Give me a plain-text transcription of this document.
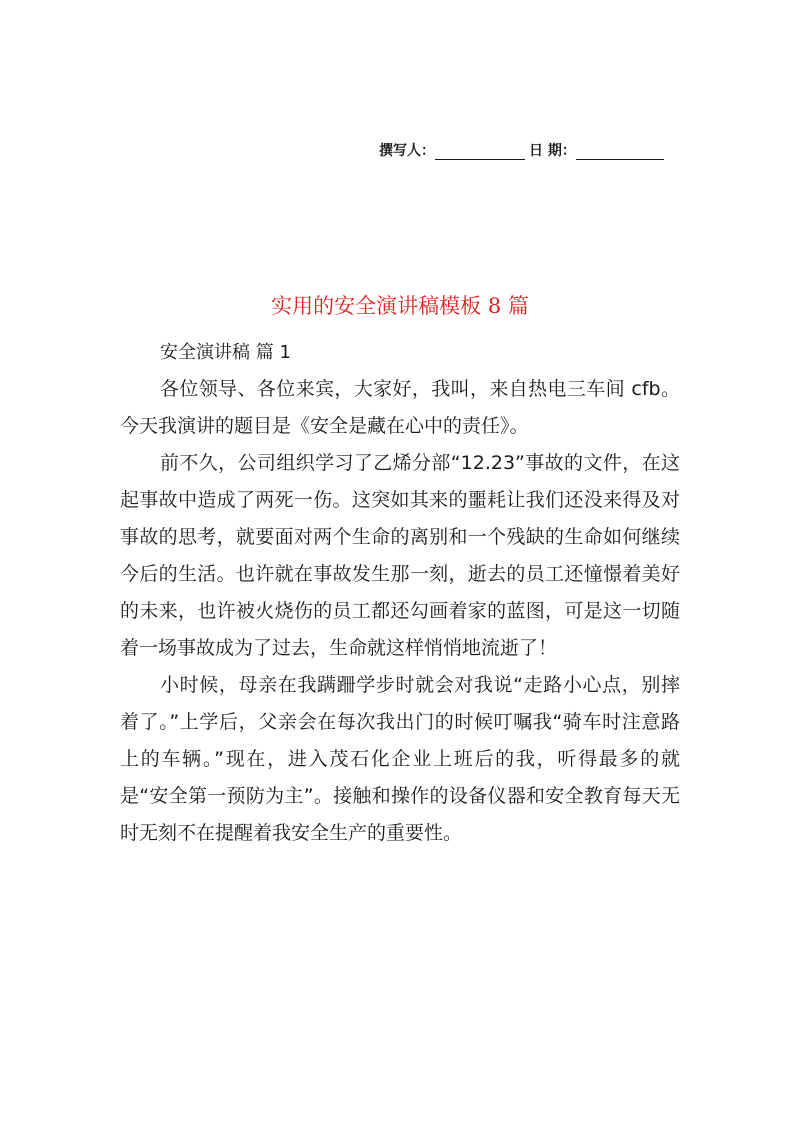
撰写人：	日 期：
实用的安全演讲稿模板 8 篇

安全演讲稿 篇 1

各位领导、各位来宾，大家好，我叫，来自热电三车间 cfb。今天我演讲的题目是《安全是藏在心中的责任》。

前不久，公司组织学习了乙烯分部“12.23”事故的文件，在这起事故中造成了两死一伤。这突如其来的噩耗让我们还没来得及对事故的思考，就要面对两个生命的离别和一个残缺的生命如何继续今后的生活。也许就在事故发生那一刻，逝去的员工还憧憬着美好的未来，也许被火烧伤的员工都还勾画着家的蓝图，可是这一切随着一场事故成为了过去，生命就这样悄悄地流逝了！

小时候，母亲在我蹒跚学步时就会对我说“走路小心点，别摔着了。”上学后，父亲会在每次我出门的时候叮嘱我“骑车时注意路上的车辆。”现在，进入茂石化企业上班后的我，听得最多的就是“安全第一预防为主”。接触和操作的设备仪器和安全教育每天无时无刻不在提醒着我安全生产的重要性。
